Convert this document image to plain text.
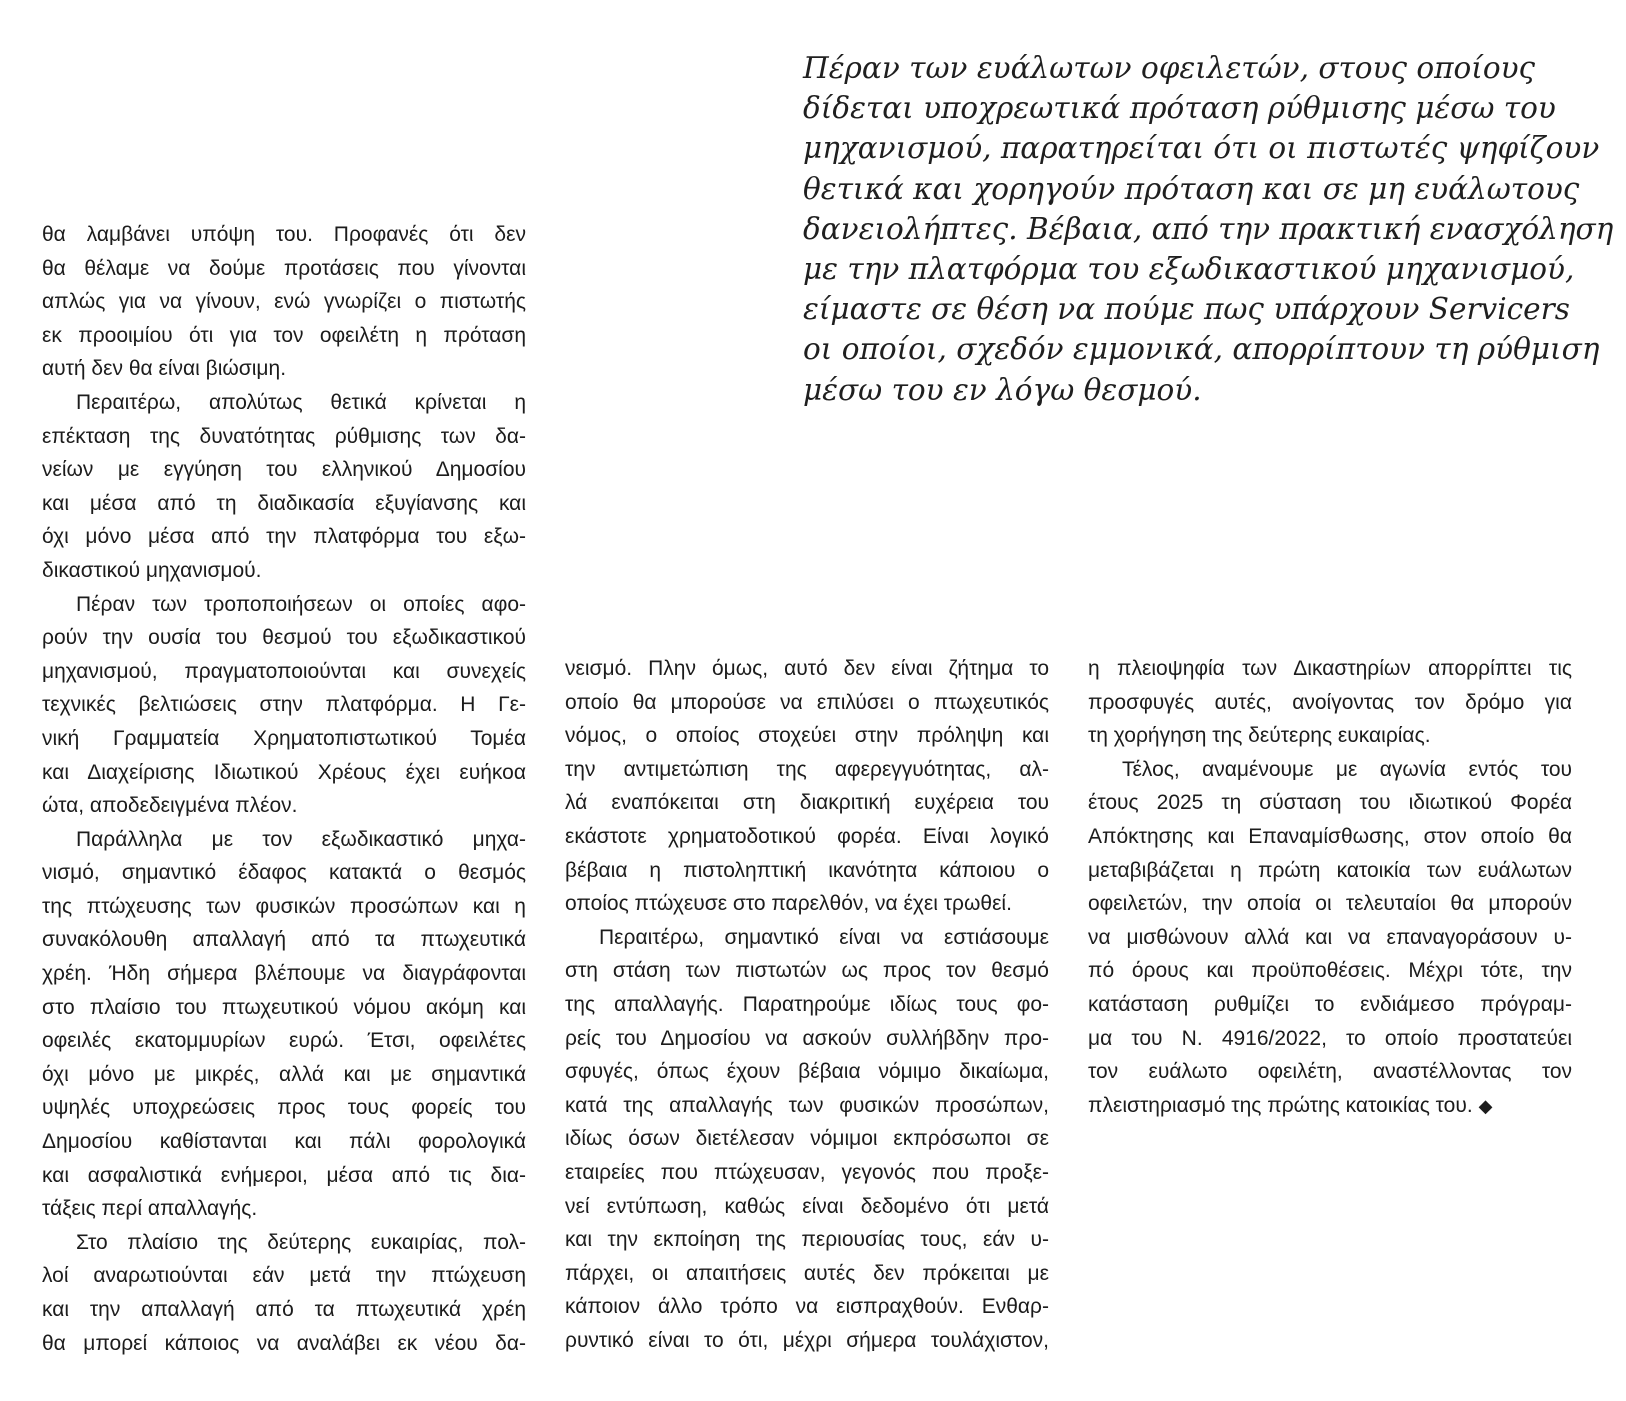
Πέραν των ευάλωτων οφειλετών, στους οποίους
δίδεται υποχρεωτικά πρόταση ρύθμισης μέσω του
μηχανισμού, παρατηρείται ότι οι πιστωτές ψηφίζουν
θετικά και χορηγούν πρόταση και σε μη ευάλωτους
δανειολήπτες. Βέβαια, από την πρακτική ενασχόληση
με την πλατφόρμα του εξωδικαστικού μηχανισμού,
είμαστε σε θέση να πούμε πως υπάρχουν Servicers
οι οποίοι, σχεδόν εμμονικά, απορρίπτουν τη ρύθμιση
μέσω του εν λόγω θεσμού.
θα λαμβάνει υπόψη του. Προφανές ότι δεν
θα θέλαμε να δούμε προτάσεις που γίνονται
απλώς για να γίνουν, ενώ γνωρίζει ο πιστωτής
εκ προοιμίου ότι για τον οφειλέτη η πρόταση
αυτή δεν θα είναι βιώσιμη.
Περαιτέρω, απολύτως θετικά κρίνεται η
επέκταση της δυνατότητας ρύθμισης των δα-
νείων με εγγύηση του ελληνικού Δημοσίου
και μέσα από τη διαδικασία εξυγίανσης και
όχι μόνο μέσα από την πλατφόρμα του εξω-
δικαστικού μηχανισμού.
Πέραν των τροποποιήσεων οι οποίες αφο-
ρούν την ουσία του θεσμού του εξωδικαστικού
μηχανισμού, πραγματοποιούνται και συνεχείς
τεχνικές βελτιώσεις στην πλατφόρμα. Η Γε-
νική Γραμματεία Χρηματοπιστωτικού Τομέα
και Διαχείρισης Ιδιωτικού Χρέους έχει ευήκοα
ώτα, αποδεδειγμένα πλέον.
Παράλληλα με τον εξωδικαστικό μηχα-
νισμό, σημαντικό έδαφος κατακτά ο θεσμός
της πτώχευσης των φυσικών προσώπων και η
συνακόλουθη απαλλαγή από τα πτωχευτικά
χρέη. Ήδη σήμερα βλέπουμε να διαγράφονται
στο πλαίσιο του πτωχευτικού νόμου ακόμη και
οφειλές εκατομμυρίων ευρώ. Έτσι, οφειλέτες
όχι μόνο με μικρές, αλλά και με σημαντικά
υψηλές υποχρεώσεις προς τους φορείς του
Δημοσίου καθίστανται και πάλι φορολογικά
και ασφαλιστικά ενήμεροι, μέσα από τις δια-
τάξεις περί απαλλαγής.
Στο πλαίσιο της δεύτερης ευκαιρίας, πολ-
λοί αναρωτιούνται εάν μετά την πτώχευση
και την απαλλαγή από τα πτωχευτικά χρέη
θα μπορεί κάποιος να αναλάβει εκ νέου δα-
νεισμό. Πλην όμως, αυτό δεν είναι ζήτημα το
οποίο θα μπορούσε να επιλύσει ο πτωχευτικός
νόμος, ο οποίος στοχεύει στην πρόληψη και
την αντιμετώπιση της αφερεγγυότητας, αλ-
λά εναπόκειται στη διακριτική ευχέρεια του
εκάστοτε χρηματοδοτικού φορέα. Είναι λογικό
βέβαια η πιστοληπτική ικανότητα κάποιου ο
οποίος πτώχευσε στο παρελθόν, να έχει τρωθεί.
Περαιτέρω, σημαντικό είναι να εστιάσουμε
στη στάση των πιστωτών ως προς τον θεσμό
της απαλλαγής. Παρατηρούμε ιδίως τους φο-
ρείς του Δημοσίου να ασκούν συλλήβδην προ-
σφυγές, όπως έχουν βέβαια νόμιμο δικαίωμα,
κατά της απαλλαγής των φυσικών προσώπων,
ιδίως όσων διετέλεσαν νόμιμοι εκπρόσωποι σε
εταιρείες που πτώχευσαν, γεγονός που προξε-
νεί εντύπωση, καθώς είναι δεδομένο ότι μετά
και την εκποίηση της περιουσίας τους, εάν υ-
πάρχει, οι απαιτήσεις αυτές δεν πρόκειται με
κάποιον άλλο τρόπο να εισπραχθούν. Ενθαρ-
ρυντικό είναι το ότι, μέχρι σήμερα τουλάχιστον,
η πλειοψηφία των Δικαστηρίων απορρίπτει τις
προσφυγές αυτές, ανοίγοντας τον δρόμο για
τη χορήγηση της δεύτερης ευκαιρίας.
Τέλος, αναμένουμε με αγωνία εντός του
έτους 2025 τη σύσταση του ιδιωτικού Φορέα
Απόκτησης και Επαναμίσθωσης, στον οποίο θα
μεταβιβάζεται η πρώτη κατοικία των ευάλωτων
οφειλετών, την οποία οι τελευταίοι θα μπορούν
να μισθώνουν αλλά και να επαναγοράσουν υ-
πό όρους και προϋποθέσεις. Μέχρι τότε, την
κατάσταση ρυθμίζει το ενδιάμεσο πρόγραμ-
μα του Ν. 4916/2022, το οποίο προστατεύει
τον ευάλωτο οφειλέτη, αναστέλλοντας τον
πλειστηριασμό της πρώτης κατοικίας του. ◆
